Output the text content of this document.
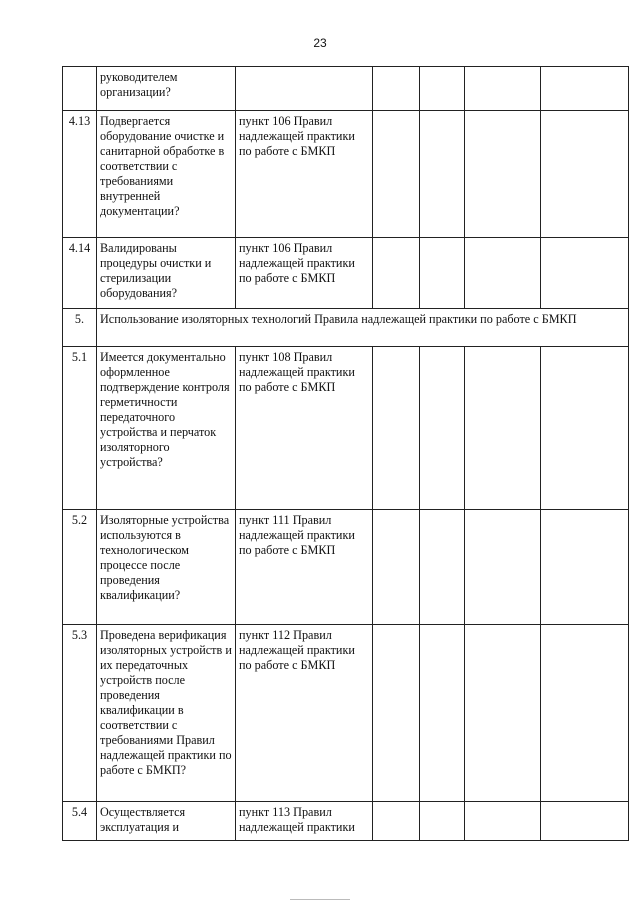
23
	руководителем организации?					
4.13	Подвергается оборудование очистке и санитарной обработке в соответствии с требованиями внутренней документации?	пункт 106 Правил надлежащей практики по работе с БМКП				
4.14	Валидированы процедуры очистки и стерилизации оборудования?	пункт 106 Правил надлежащей практики по работе с БМКП				
5.	Использование изоляторных технологий Правила надлежащей практики по работе с БМКП					
5.1	Имеется документально оформленное подтверждение контроля герметичности передаточного устройства и перчаток изоляторного устройства?	пункт 108 Правил надлежащей практики по работе с БМКП				
5.2	Изоляторные устройства используются в технологическом процессе после проведения квалификации?	пункт 111 Правил надлежащей практики по работе с БМКП				
5.3	Проведена верификация изоляторных устройств и их передаточных устройств после проведения квалификации в соответствии с требованиями Правил надлежащей практики по работе с БМКП?	пункт 112 Правил надлежащей практики по работе с БМКП				
5.4	Осуществляется эксплуатация и	пункт 113 Правил надлежащей практики				
